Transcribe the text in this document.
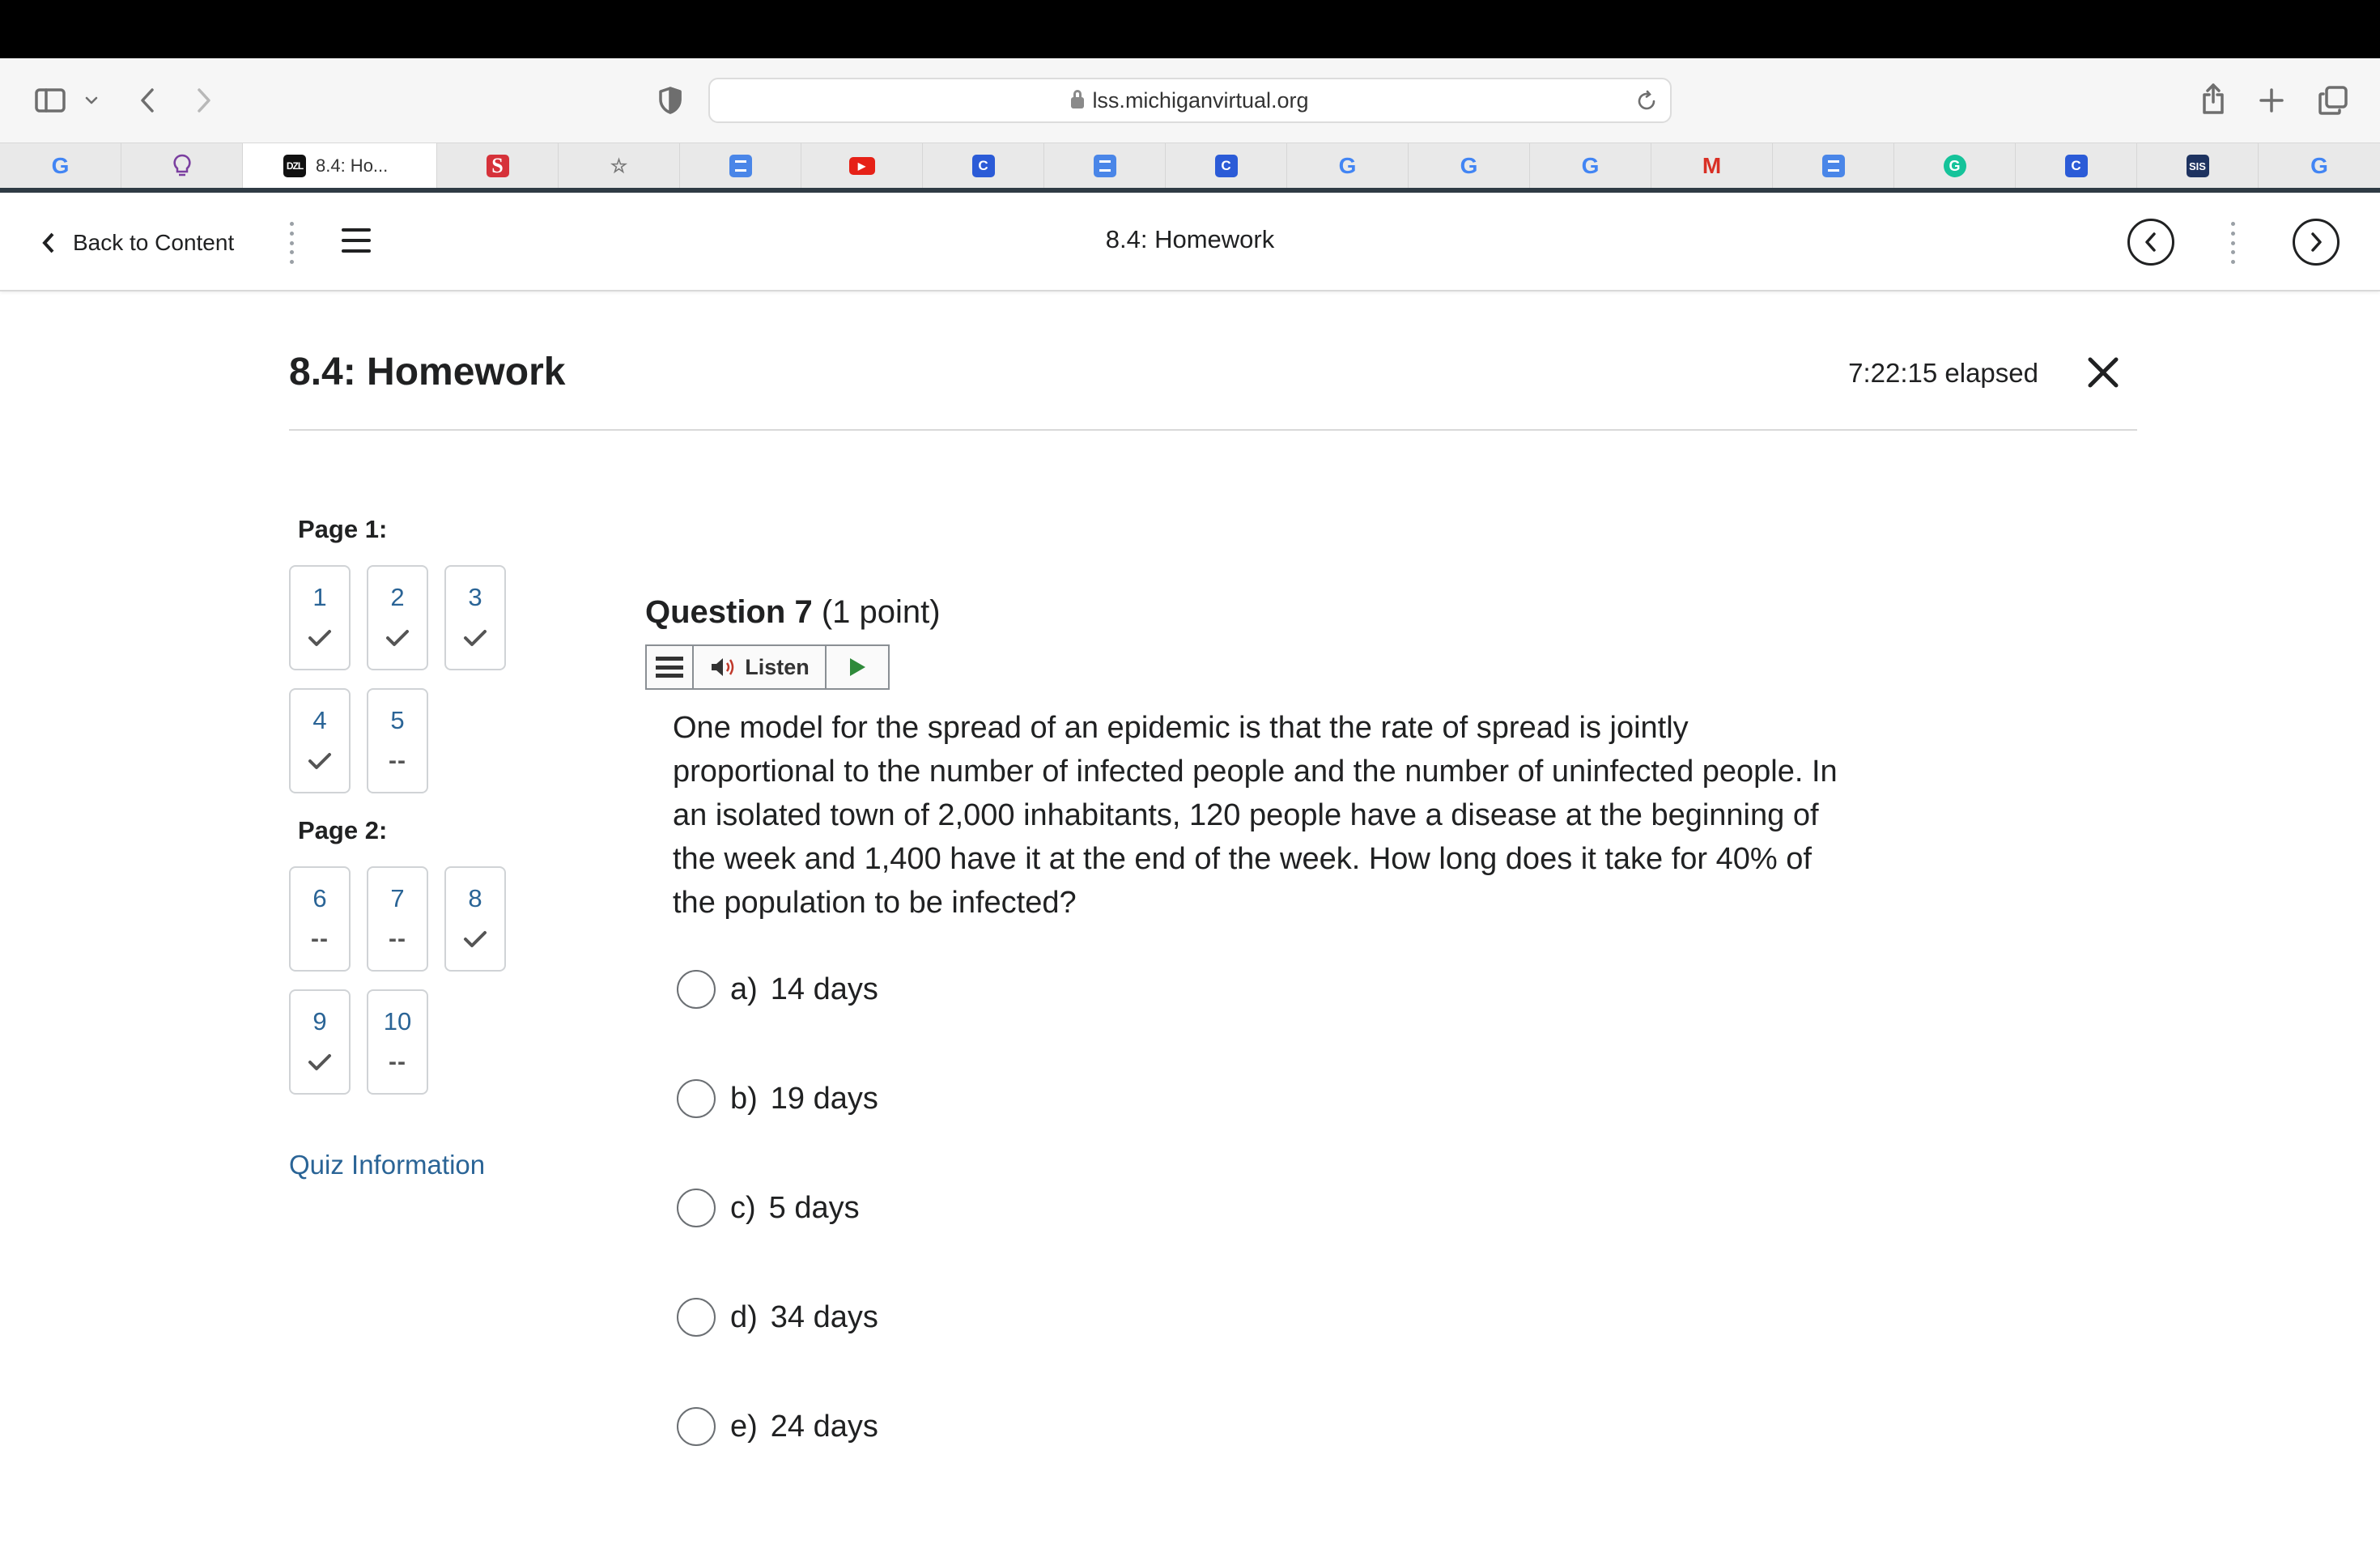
lss.michiganvirtual.org
G	DZL 8.4: Ho...	S	☆	▶	C	C	G	G	G	M	G	C	SIS	G
Back to Content	8.4: Homework
8.4: Homework	7:22:15 elapsed
Page 1:
1	2	3
4	5
--
Page 2:
6
--
7
--
8
9	10
--
Quiz Information
Question 7 (1 point)
Listen
One model for the spread of an epidemic is that the rate of spread is jointly proportional to the number of infected people and the number of uninfected people. In an isolated town of 2,000 inhabitants, 120 people have a disease at the beginning of the week and 1,400 have it at the end of the week. How long does it take for 40% of the population to be infected?
a) 14 days
b) 19 days
c) 5 days
d) 34 days
e) 24 days
